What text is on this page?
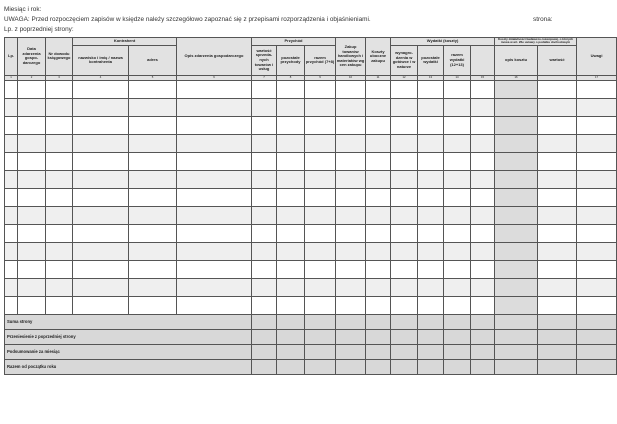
Miesiąc i rok:
UWAGA: Przed rozpoczęciem zapisów w księdze należy szczegółowo zapoznać się z przepisami rozporządzenia i objaśnieniami.	strona:
Lp. z poprzedniej strony:
Lp.	Data zdarzenia gospo-darczego	Nr dowodu księgowego	Kontrahent		Opis zdarzenia gospodarczego	Przychód			Zakup towarów handlowych i materiałów wg cen zakupu	Koszty uboczne zakupu	Wydatki (koszty)				Koszty działalności badawczo-rozwojowej, o których mowa w art. 26e ustawy o podatku dochodowym		Uwagi
			nazwisko i imię / nazwa kontrahenta	adres		wartość sprzeda-nych towarów i usług	pozostałe przychody	razem przychód (7+8)			wynagro-dzenia w gotówce i w naturze	pozostałe wydatki	razem wydatki (12+13)		opis kosztu	wartość	
1	2	3	4	5	6	7	8	9	10	11	12	13	14	15	16		17

Suma strony																	
Przeniesienie z poprzedniej strony																	
Podsumowanie za miesiąc																	
Razem od początku roku																	
